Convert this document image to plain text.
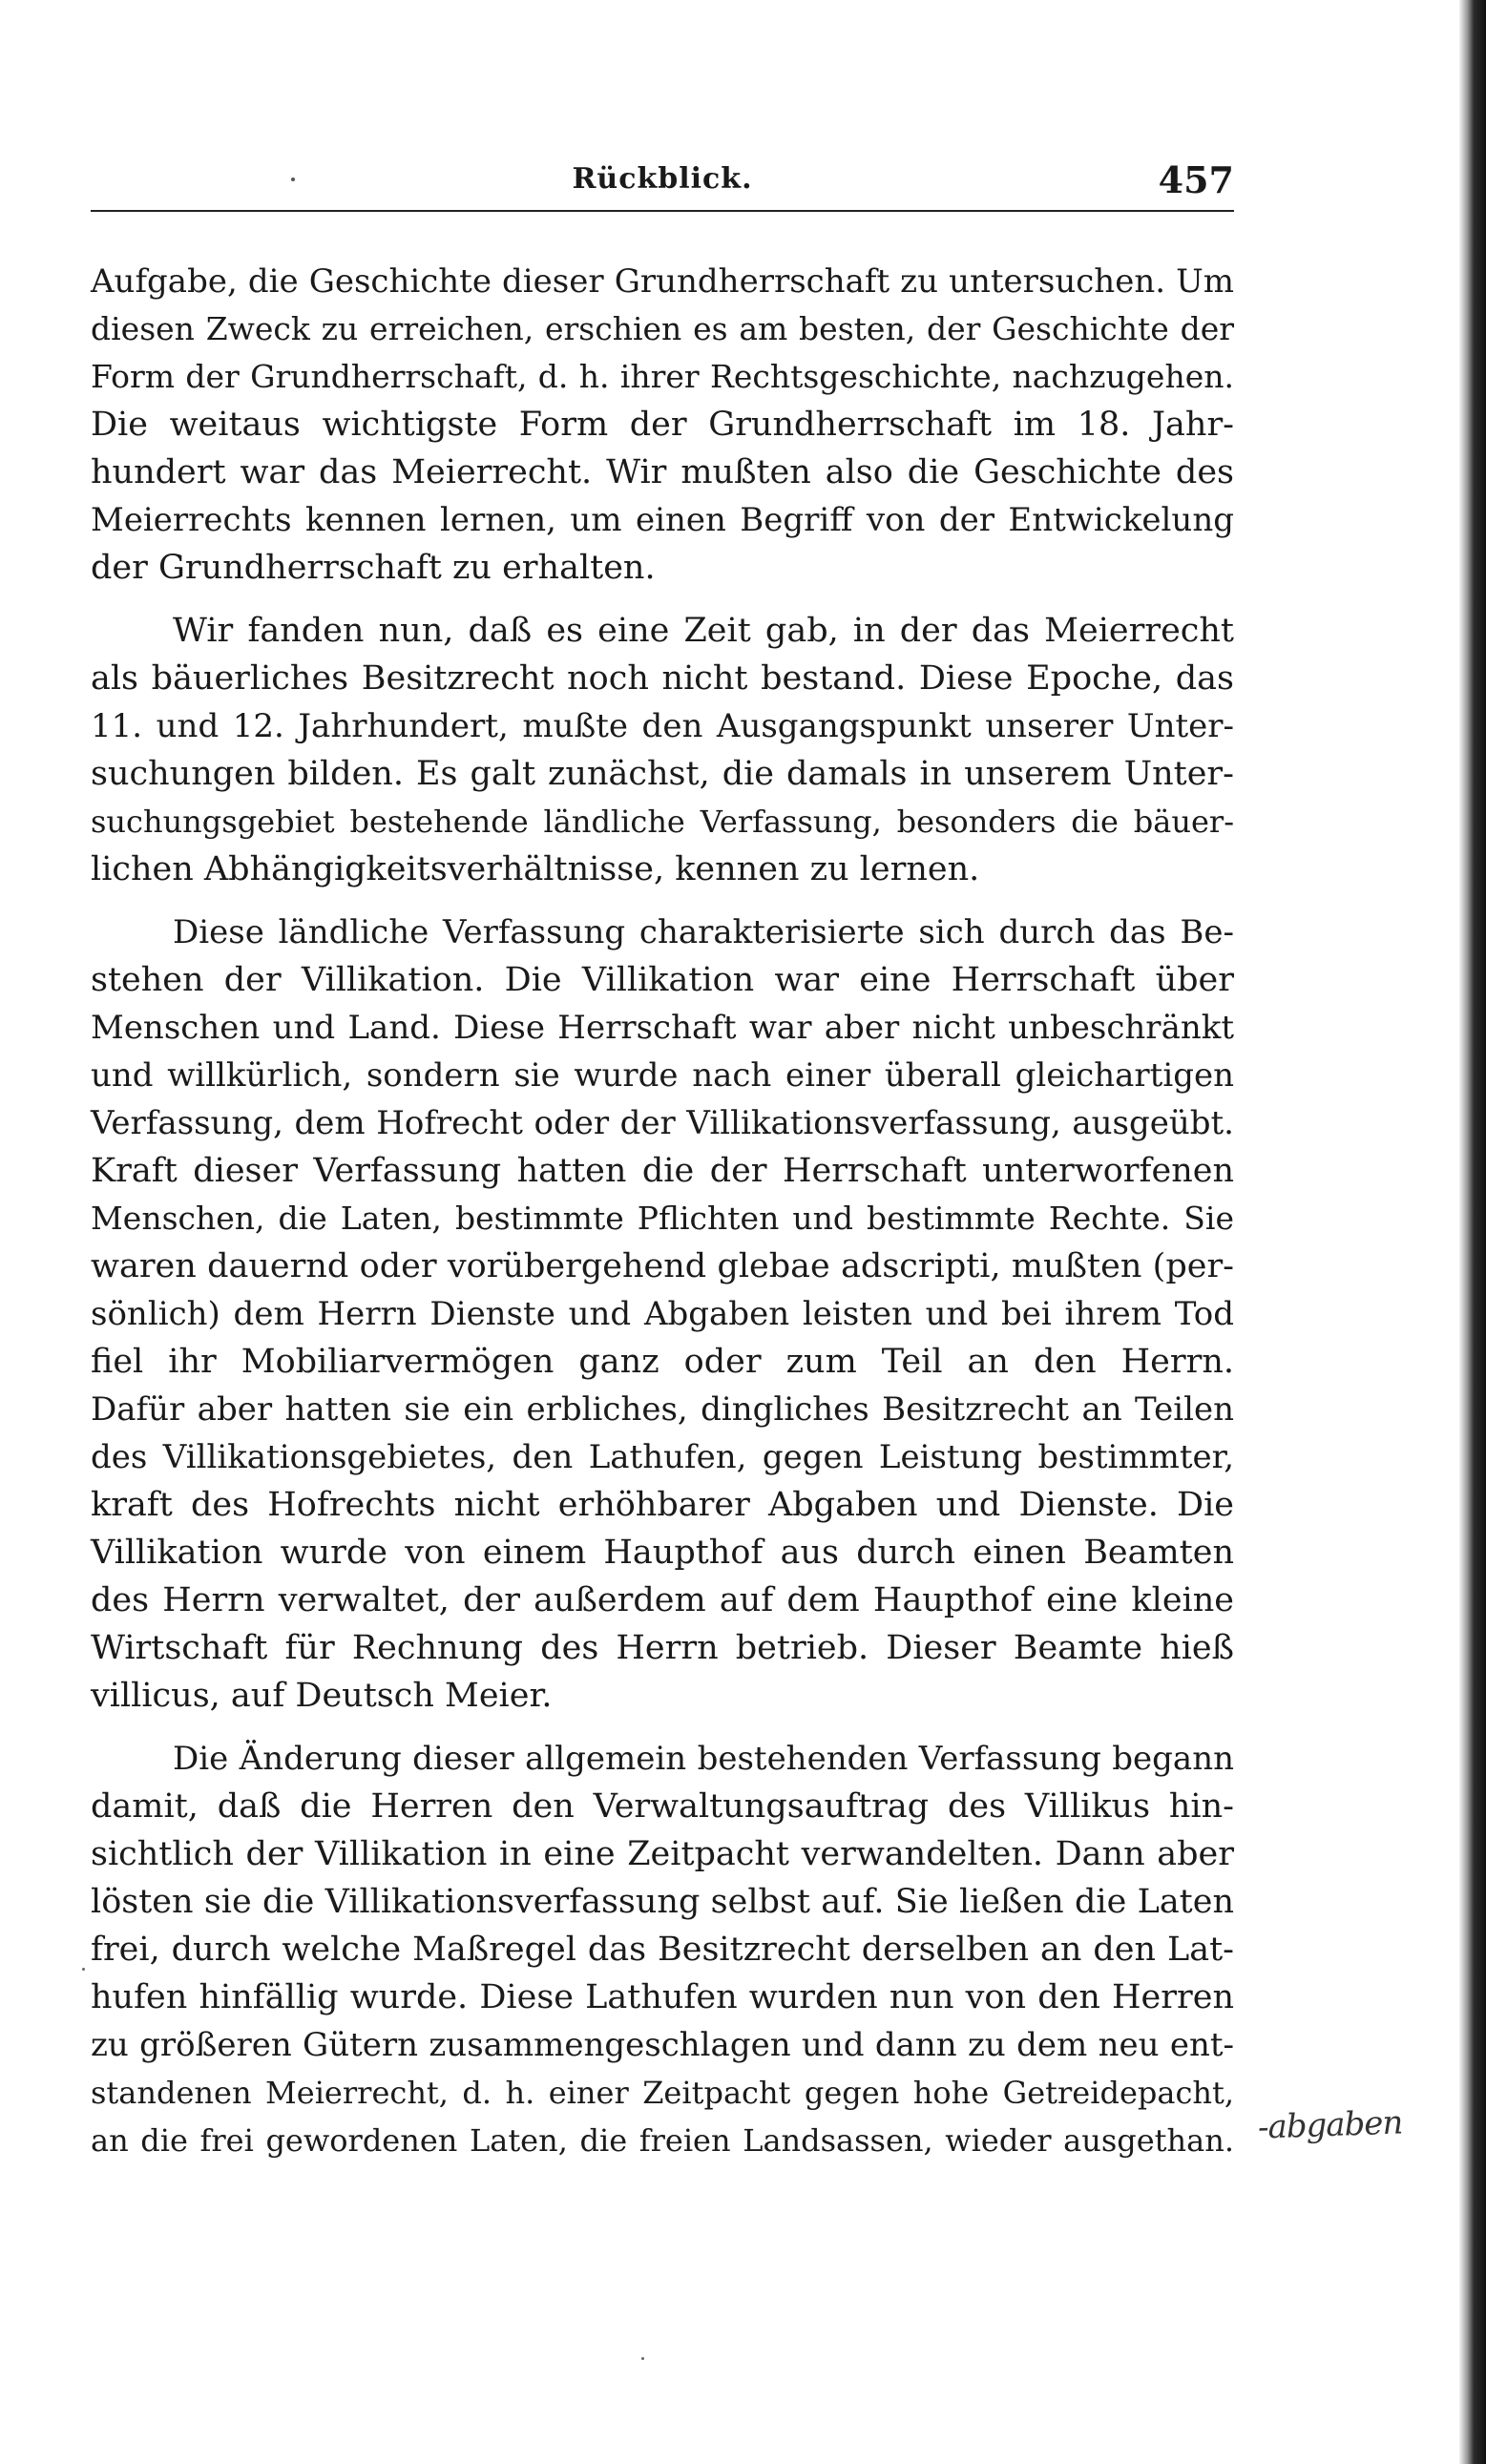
Rückblick.	457
Aufgabe, die Geschichte dieser Grundherrschaft zu untersuchen. Um
diesen Zweck zu erreichen, erschien es am besten, der Geschichte der
Form der Grundherrschaft, d. h. ihrer Rechtsgeschichte, nachzugehen.
Die weitaus wichtigste Form der Grundherrschaft im 18. Jahr-
hundert war das Meierrecht. Wir mußten also die Geschichte des
Meierrechts kennen lernen, um einen Begriff von der Entwickelung
der Grundherrschaft zu erhalten.
Wir fanden nun, daß es eine Zeit gab, in der das Meierrecht
als bäuerliches Besitzrecht noch nicht bestand. Diese Epoche, das
11. und 12. Jahrhundert, mußte den Ausgangspunkt unserer Unter-
suchungen bilden. Es galt zunächst, die damals in unserem Unter-
suchungsgebiet bestehende ländliche Verfassung, besonders die bäuer-
lichen Abhängigkeitsverhältnisse, kennen zu lernen.
Diese ländliche Verfassung charakterisierte sich durch das Be-
stehen der Villikation. Die Villikation war eine Herrschaft über
Menschen und Land. Diese Herrschaft war aber nicht unbeschränkt
und willkürlich, sondern sie wurde nach einer überall gleichartigen
Verfassung, dem Hofrecht oder der Villikationsverfassung, ausgeübt.
Kraft dieser Verfassung hatten die der Herrschaft unterworfenen
Menschen, die Laten, bestimmte Pflichten und bestimmte Rechte. Sie
waren dauernd oder vorübergehend glebae adscripti, mußten (per-
sönlich) dem Herrn Dienste und Abgaben leisten und bei ihrem Tod
fiel ihr Mobiliarvermögen ganz oder zum Teil an den Herrn.
Dafür aber hatten sie ein erbliches, dingliches Besitzrecht an Teilen
des Villikationsgebietes, den Lathufen, gegen Leistung bestimmter,
kraft des Hofrechts nicht erhöhbarer Abgaben und Dienste. Die
Villikation wurde von einem Haupthof aus durch einen Beamten
des Herrn verwaltet, der außerdem auf dem Haupthof eine kleine
Wirtschaft für Rechnung des Herrn betrieb. Dieser Beamte hieß
villicus, auf Deutsch Meier.
Die Änderung dieser allgemein bestehenden Verfassung begann
damit, daß die Herren den Verwaltungsauftrag des Villikus hin-
sichtlich der Villikation in eine Zeitpacht verwandelten. Dann aber
lösten sie die Villikationsverfassung selbst auf. Sie ließen die Laten
frei, durch welche Maßregel das Besitzrecht derselben an den Lat-
hufen hinfällig wurde. Diese Lathufen wurden nun von den Herren
zu größeren Gütern zusammengeschlagen und dann zu dem neu ent-
standenen Meierrecht, d. h. einer Zeitpacht gegen hohe Getreidepacht,
an die frei gewordenen Laten, die freien Landsassen, wieder ausgethan. -abgaben
